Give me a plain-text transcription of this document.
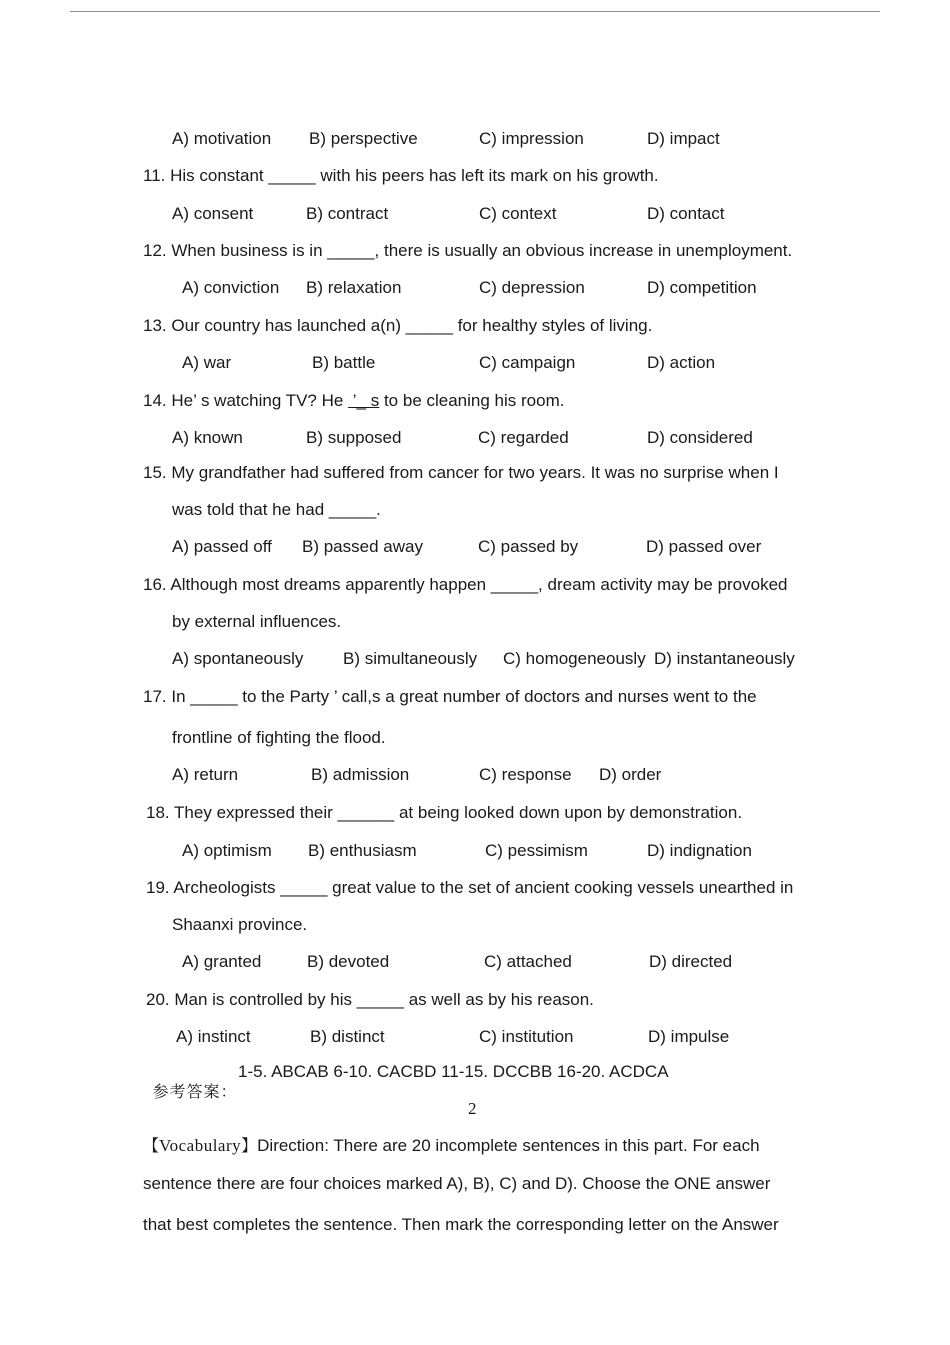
A) motivation B) perspective	C) impression	D) impact
11. His constant _____ with his peers has left its mark on his growth.
A) consent	B) contract	C) context	D) contact
12. When business is in _____, there is usually an obvious increase in unemployment.
A) conviction B) relaxation	C) depression	D) competition
13. Our country has launched a(n) _____ for healthy styles of living.
A) war	B) battle	C) campaign	D) action
14. He’ s watching TV? He  ’_ s to be cleaning his room.
A) known	B) supposed	C) regarded	D) considered
15. My grandfather had suffered from cancer for two years. It was no surprise when I
was told that he had _____.
A) passed off B) passed away	C) passed by	D) passed over
16. Although most dreams apparently happen _____, dream activity may be provoked
by external influences.
A) spontaneously B) simultaneously C) homogeneously D) instantaneously
17. In _____ to the Party ’ call,s a great number of doctors and nurses went to the
frontline of fighting the flood.
A) return	B) admission	C) response D) order
18. They expressed their ______ at being looked down upon by demonstration.
A) optimism B) enthusiasm	C) pessimism	D) indignation
19. Archeologists _____ great value to the set of ancient cooking vessels unearthed in
Shaanxi province.
A) granted	B) devoted	C) attached	D) directed
20. Man is controlled by his _____ as well as by his reason.
A) instinct	B) distinct	C) institution	D) impulse

参考答案：

1-5. ABCAB 6-10. CACBD 11-15. DCCBB 16-20. ACDCA

2
【Vocabulary】Direction: There are 20 incomplete sentences in this part. For each
sentence there are four choices marked A), B), C) and D). Choose the ONE answer
that best completes the sentence. Then mark the corresponding letter on the Answer
